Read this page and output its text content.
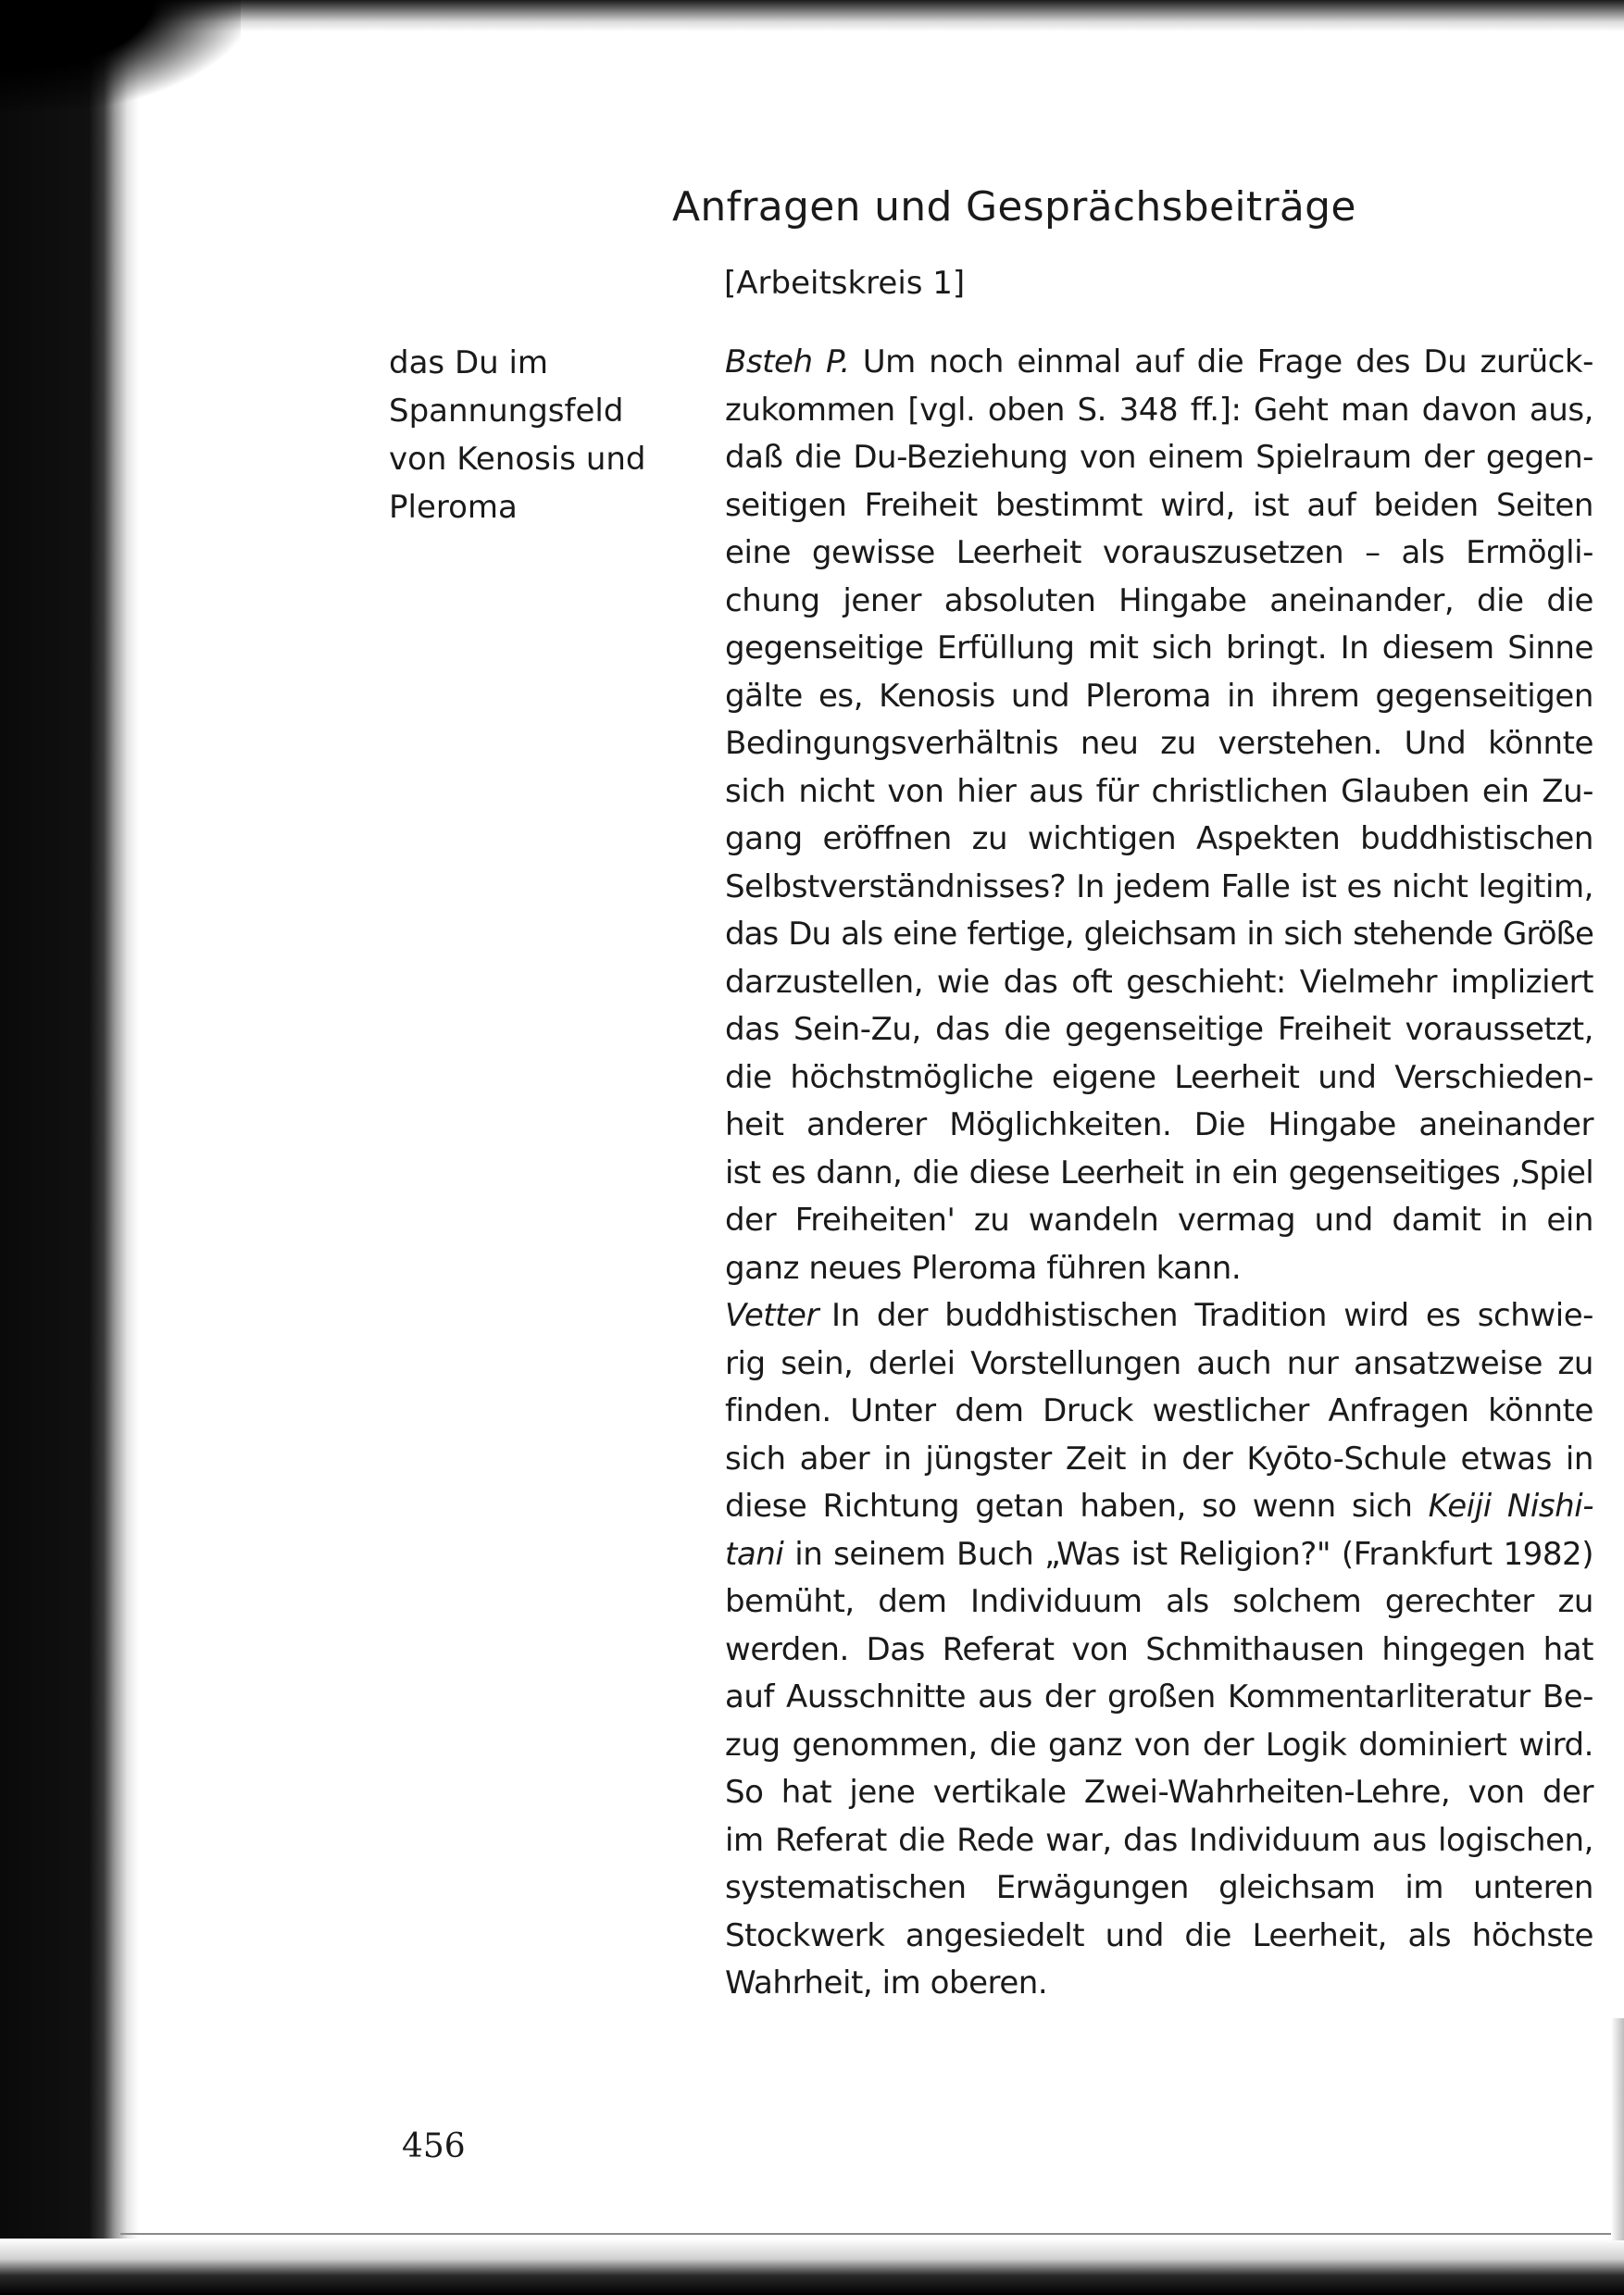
Anfragen und Gesprächsbeiträge
[Arbeitskreis 1]
das Du im
Spannungsfeld
von Kenosis und
Pleroma
Bsteh P. Um noch einmal auf die Frage des Du zurück-
zukommen [vgl. oben S. 348 ff.]: Geht man davon aus,
daß die Du-Beziehung von einem Spielraum der gegen-
seitigen Freiheit bestimmt wird, ist auf beiden Seiten
eine gewisse Leerheit vorauszusetzen – als Ermögli-
chung jener absoluten Hingabe aneinander, die die
gegenseitige Erfüllung mit sich bringt. In diesem Sinne
gälte es, Kenosis und Pleroma in ihrem gegenseitigen
Bedingungsverhältnis neu zu verstehen. Und könnte
sich nicht von hier aus für christlichen Glauben ein Zu-
gang eröffnen zu wichtigen Aspekten buddhistischen
Selbstverständnisses? In jedem Falle ist es nicht legitim,
das Du als eine fertige, gleichsam in sich stehende Größe
darzustellen, wie das oft geschieht: Vielmehr impliziert
das Sein-Zu, das die gegenseitige Freiheit voraussetzt,
die höchstmögliche eigene Leerheit und Verschieden-
heit anderer Möglichkeiten. Die Hingabe aneinander
ist es dann, die diese Leerheit in ein gegenseitiges ‚Spiel
der Freiheiten' zu wandeln vermag und damit in ein
ganz neues Pleroma führen kann.
Vetter In der buddhistischen Tradition wird es schwie-
rig sein, derlei Vorstellungen auch nur ansatzweise zu
finden. Unter dem Druck westlicher Anfragen könnte
sich aber in jüngster Zeit in der Kyōto-Schule etwas in
diese Richtung getan haben, so wenn sich Keiji Nishi-
tani in seinem Buch „Was ist Religion?" (Frankfurt 1982)
bemüht, dem Individuum als solchem gerechter zu
werden. Das Referat von Schmithausen hingegen hat
auf Ausschnitte aus der großen Kommentarliteratur Be-
zug genommen, die ganz von der Logik dominiert wird.
So hat jene vertikale Zwei-Wahrheiten-Lehre, von der
im Referat die Rede war, das Individuum aus logischen,
systematischen Erwägungen gleichsam im unteren
Stockwerk angesiedelt und die Leerheit, als höchste
Wahrheit, im oberen.
456
